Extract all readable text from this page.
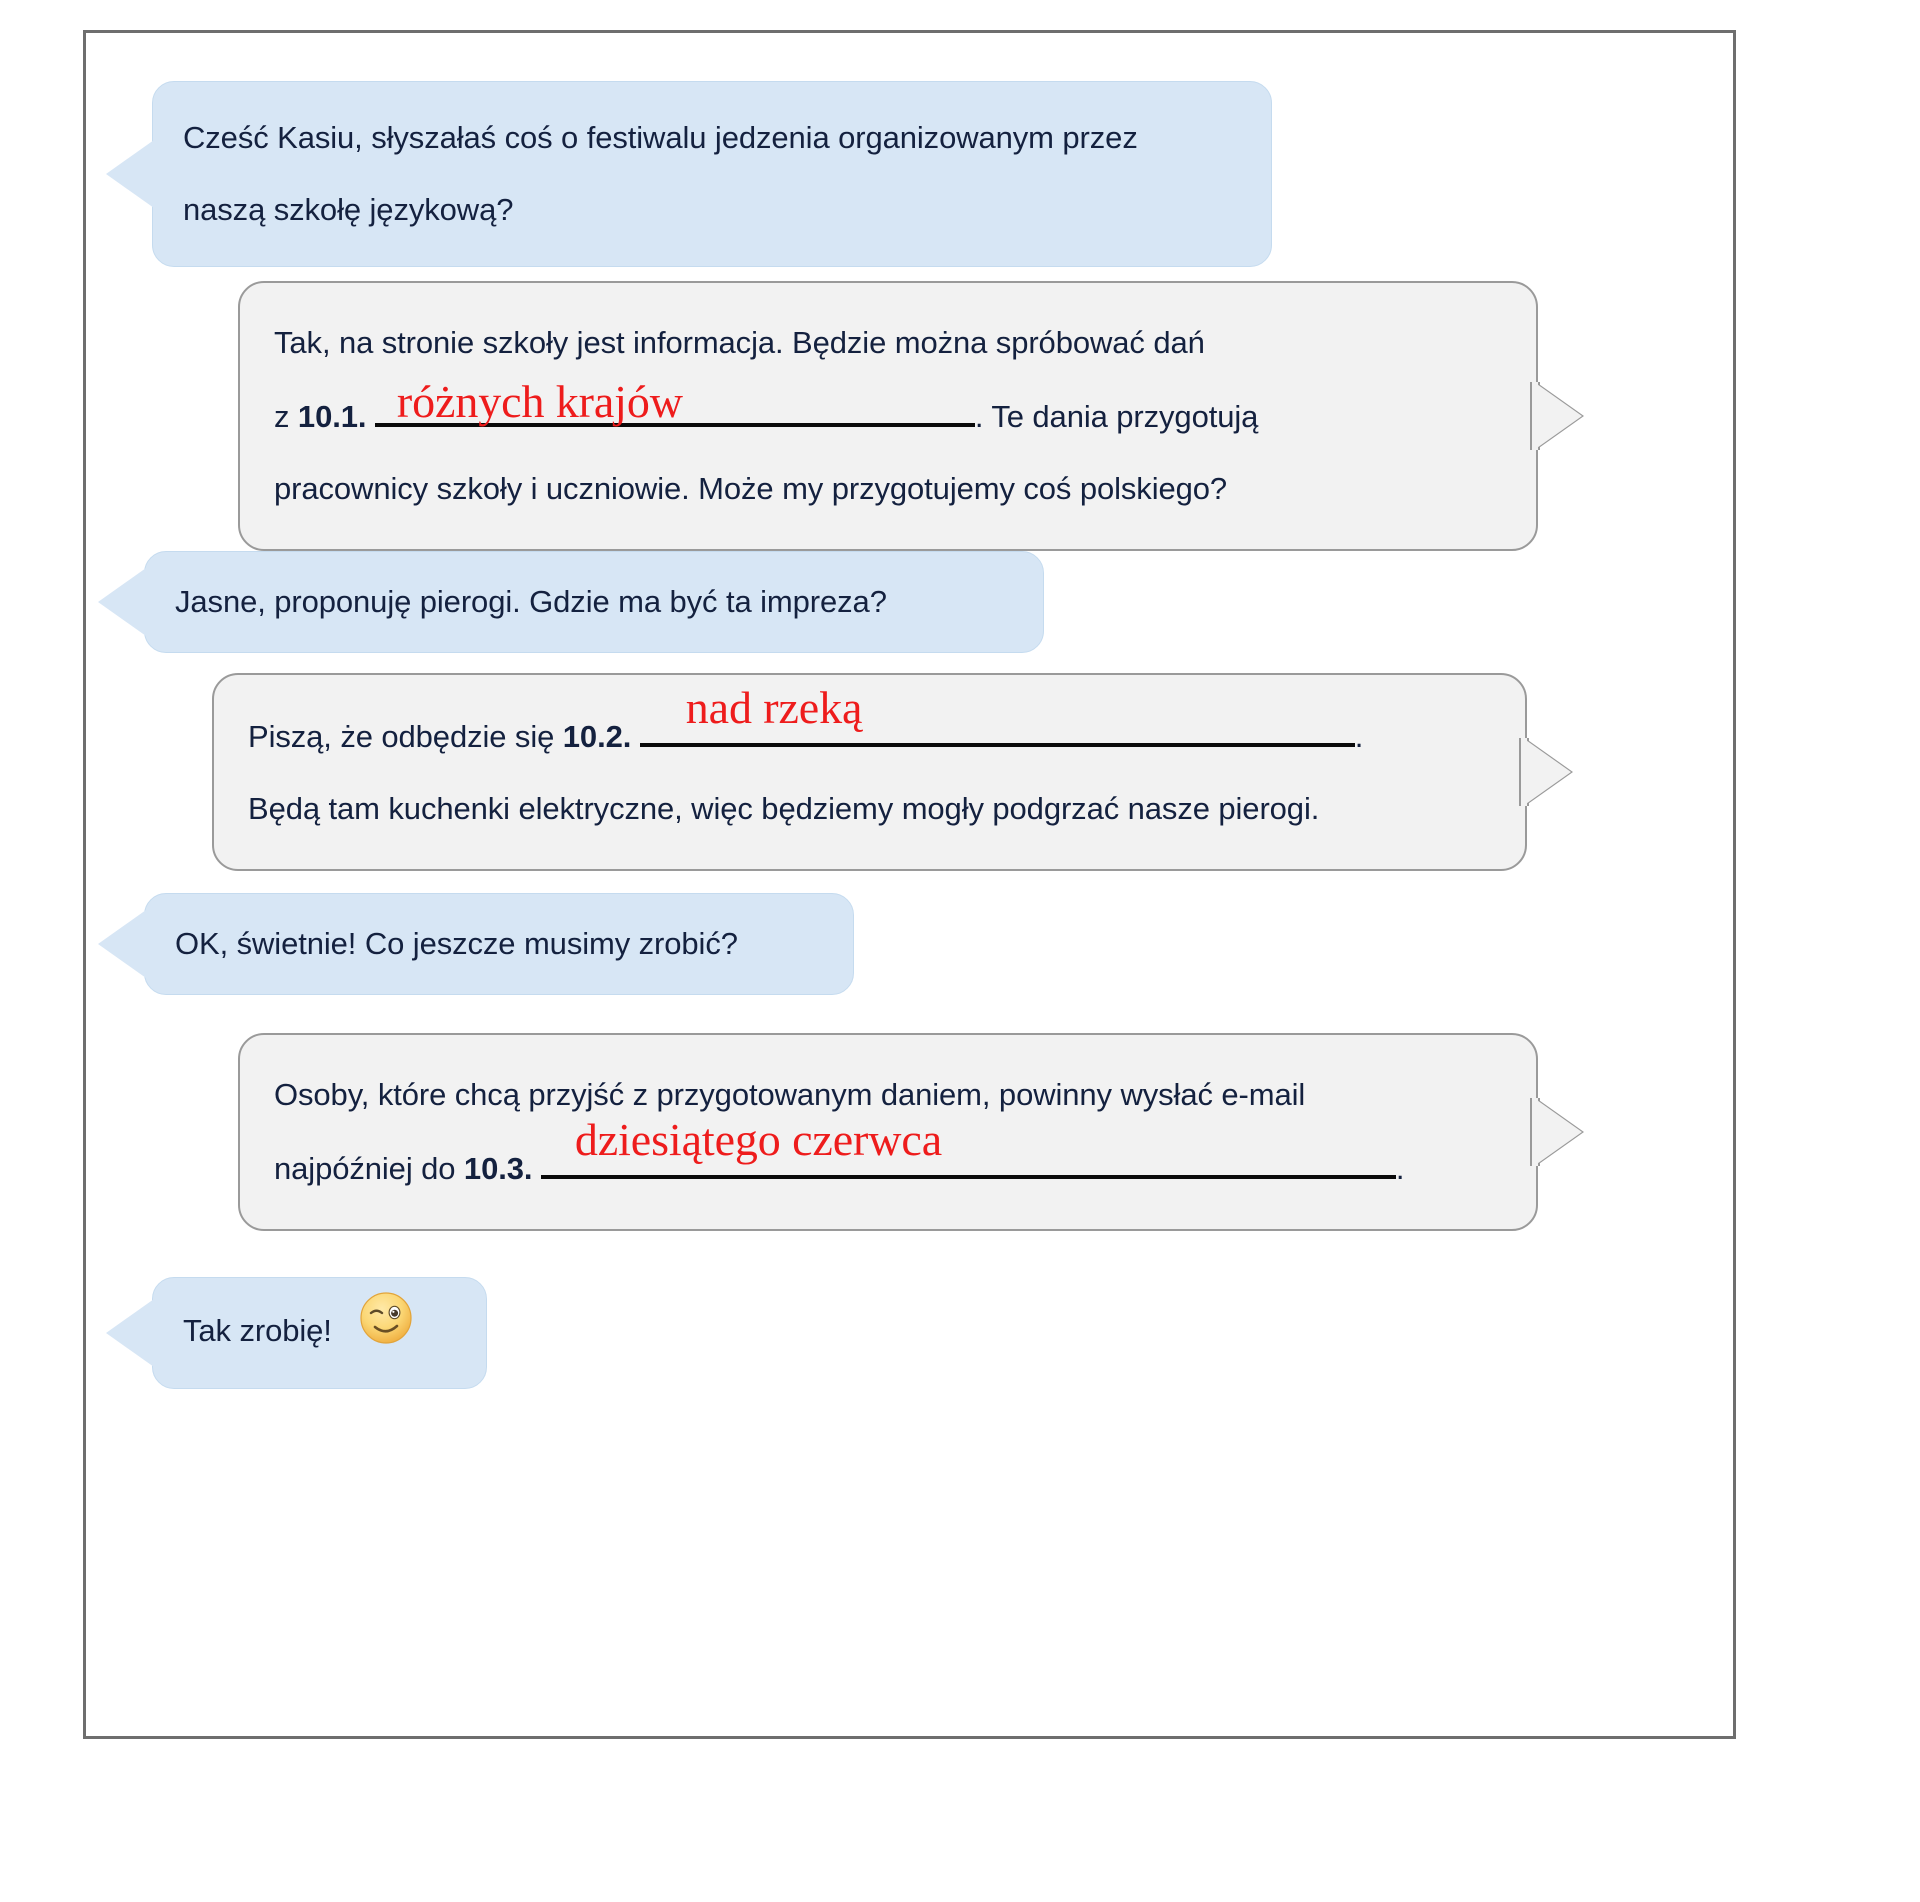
Cześć Kasiu, słyszałaś coś o festiwalu jedzenia organizowanym przez
naszą szkołę językową?
Tak, na stronie szkoły jest informacja. Będzie można spróbować dań
z 10.1. różnych krajów	. Te dania przygotują
pracownicy szkoły i uczniowie. Może my przygotujemy coś polskiego?
Jasne, proponuję pierogi. Gdzie ma być ta impreza?
Piszą, że odbędzie się 10.2.
nad rzeką
.
Będą tam kuchenki elektryczne, więc będziemy mogły podgrzać nasze pierogi.
OK, świetnie! Co jeszcze musimy zrobić?
Osoby, które chcą przyjść z przygotowanym daniem, powinny wysłać e-mail
najpóźniej do 10.3.
dziesiątego czerwca
.
Tak zrobię!
